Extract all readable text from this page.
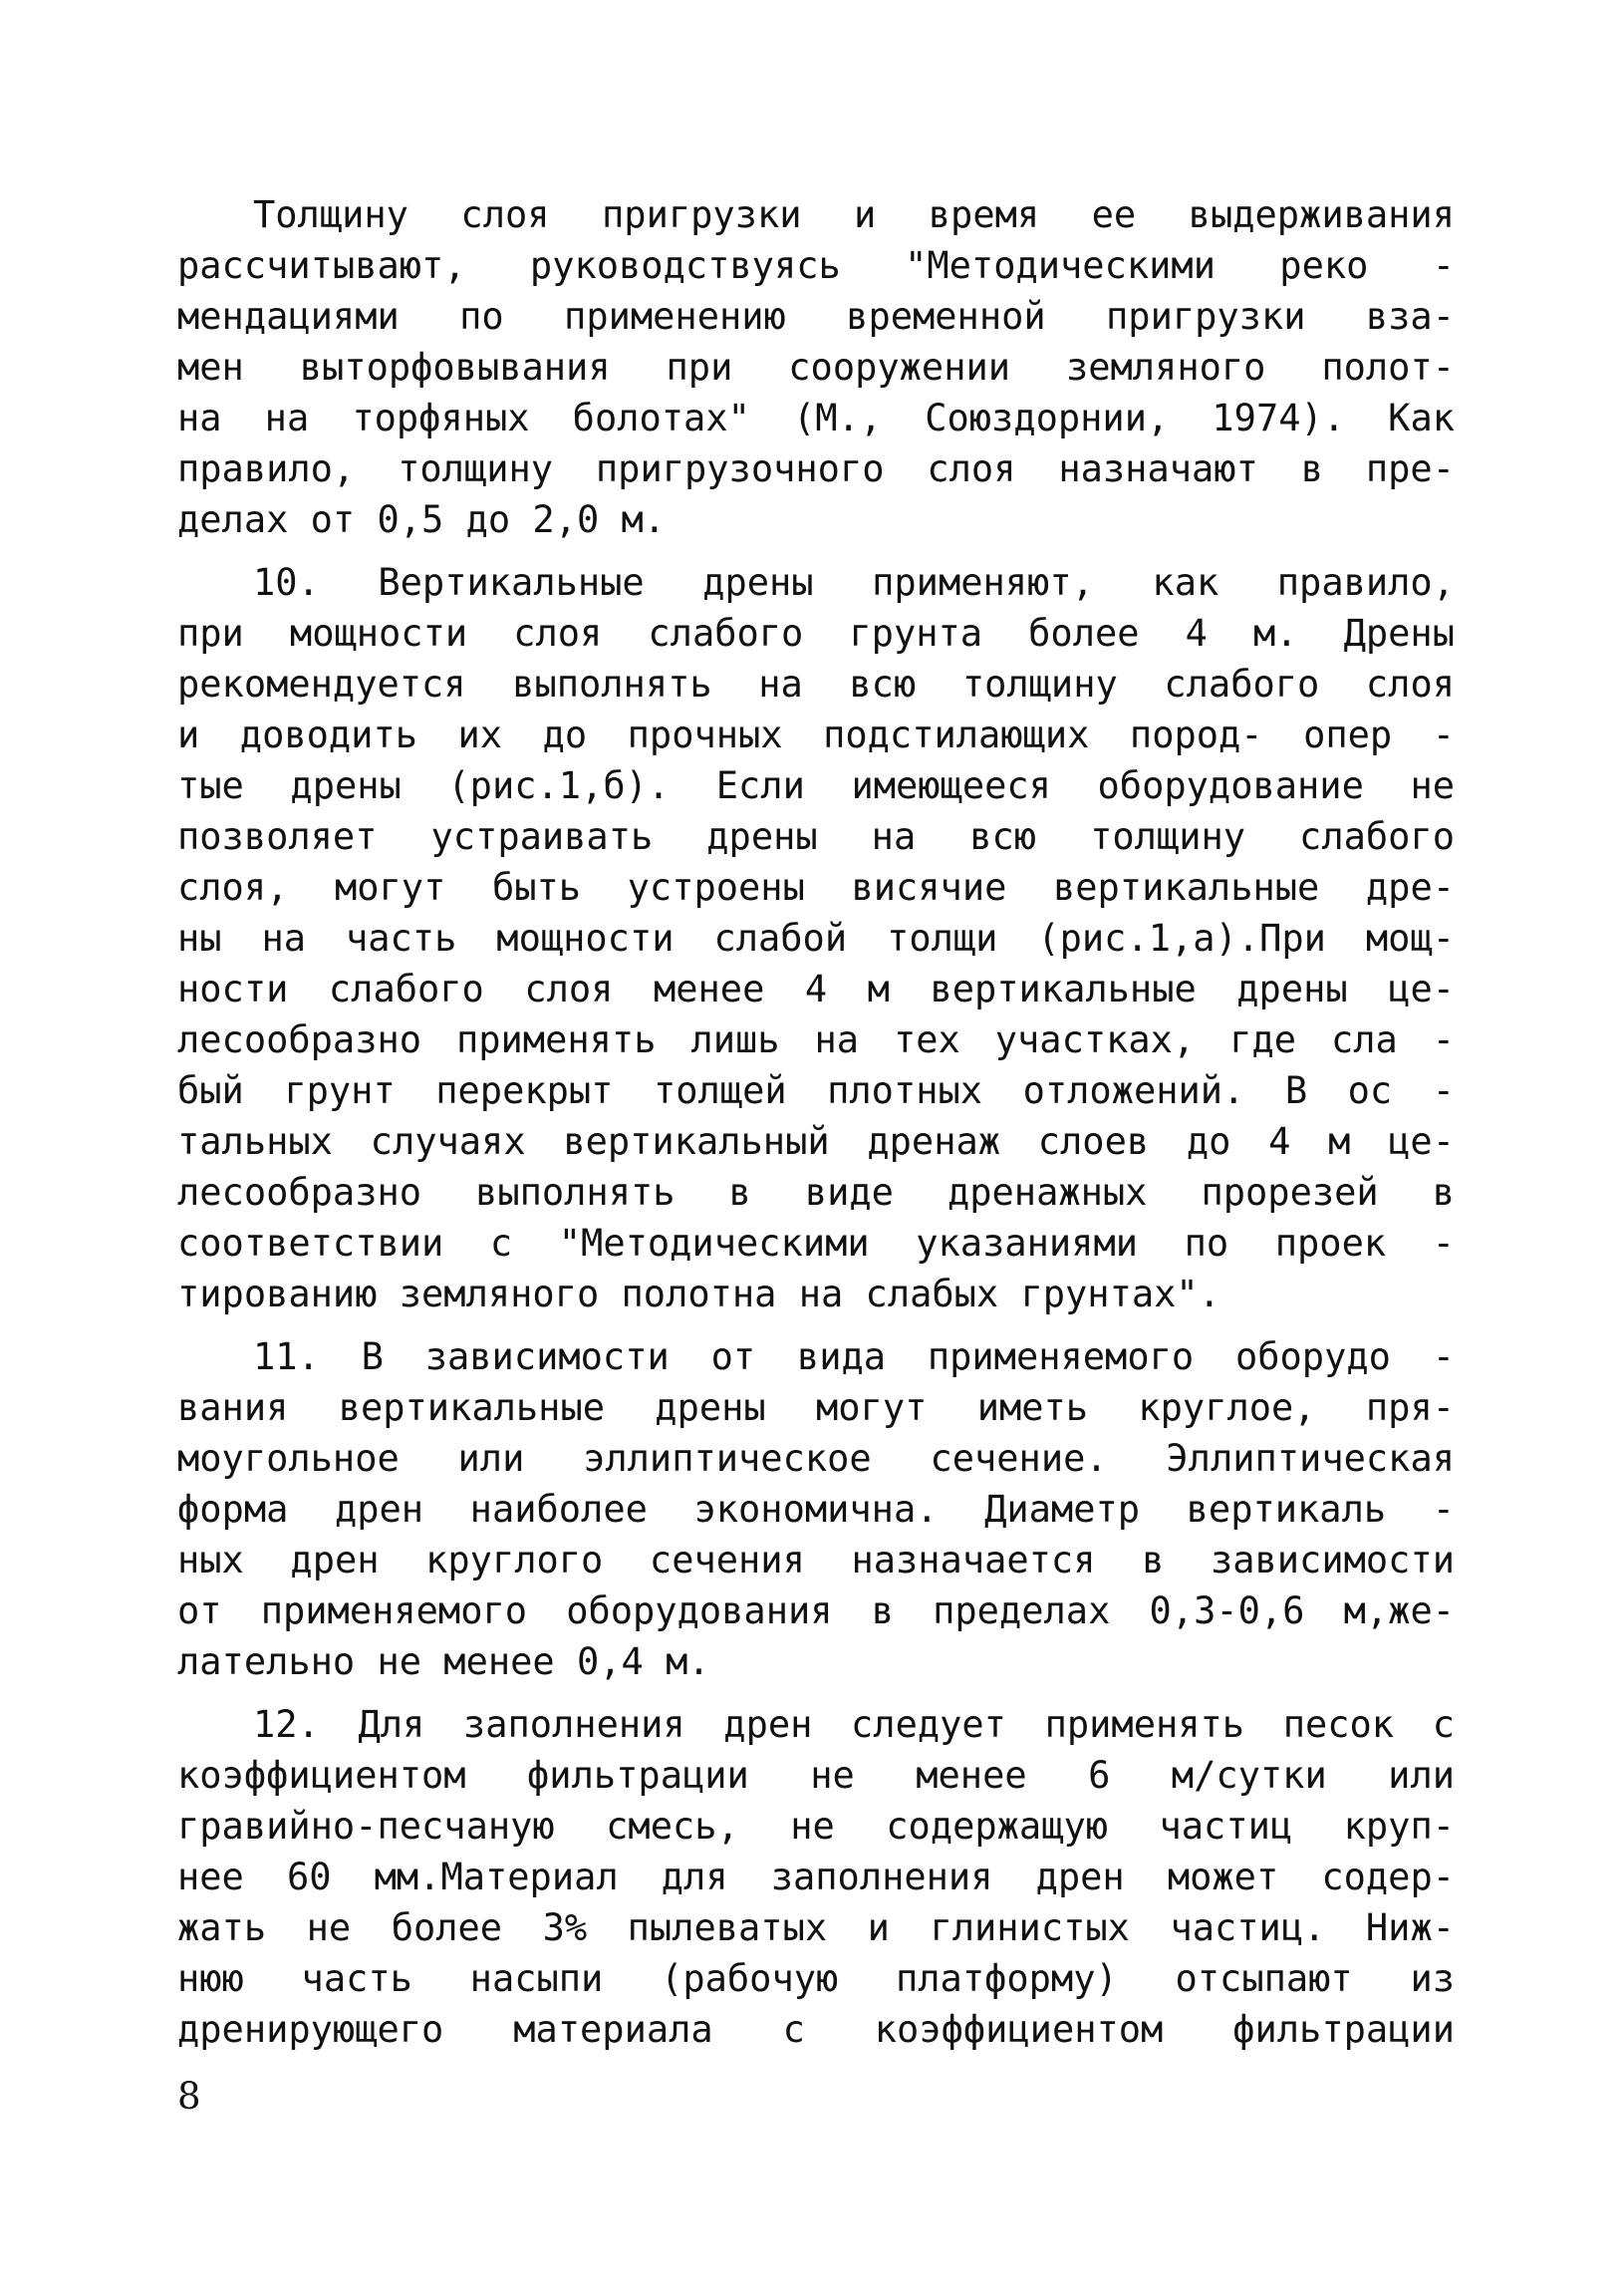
Толщину слоя пригрузки и время ее выдерживания
рассчитывают, руководствуясь "Методическими реко -
мендациями по применению временной пригрузки вза-
мен выторфовывания при сооружении земляного полот-
на на торфяных болотах" (М., Союздорнии, 1974). Как
правило, толщину пригрузочного слоя назначают в пре-
делах от 0,5 до 2,0 м.
10. Вертикальные дрены применяют, как правило,
при мощности слоя слабого грунта более 4 м. Дрены
рекомендуется выполнять на всю толщину слабого слоя
и доводить их до прочных подстилающих пород- опер -
тые дрены (рис.1,б). Если имеющееся оборудование не
позволяет устраивать дрены на всю толщину слабого
слоя, могут быть устроены висячие вертикальные дре-
ны на часть мощности слабой толщи (рис.1,а).При мощ-
ности слабого слоя менее 4 м вертикальные дрены це-
лесообразно применять лишь на тех участках, где сла -
бый грунт перекрыт толщей плотных отложений. В ос -
тальных случаях вертикальный дренаж слоев до 4 м це-
лесообразно выполнять в виде дренажных прорезей в
соответствии с "Методическими указаниями по проек -
тированию земляного полотна на слабых грунтах".
11. В зависимости от вида применяемого оборудо -
вания вертикальные дрены могут иметь круглое, пря-
моугольное или эллиптическое сечение. Эллиптическая
форма дрен наиболее экономична. Диаметр вертикаль -
ных дрен круглого сечения назначается в зависимости
от применяемого оборудования в пределах 0,3-0,6 м,же-
лательно не менее 0,4 м.
12. Для заполнения дрен следует применять песок с
коэффициентом фильтрации не менее 6 м/сутки или
гравийно-песчаную смесь, не содержащую частиц круп-
нее 60 мм.Материал для заполнения дрен может содер-
жать не более 3% пылеватых и глинистых частиц. Ниж-
нюю часть насыпи (рабочую платформу) отсыпают из
дренирующего материала с коэффициентом фильтрации
8
